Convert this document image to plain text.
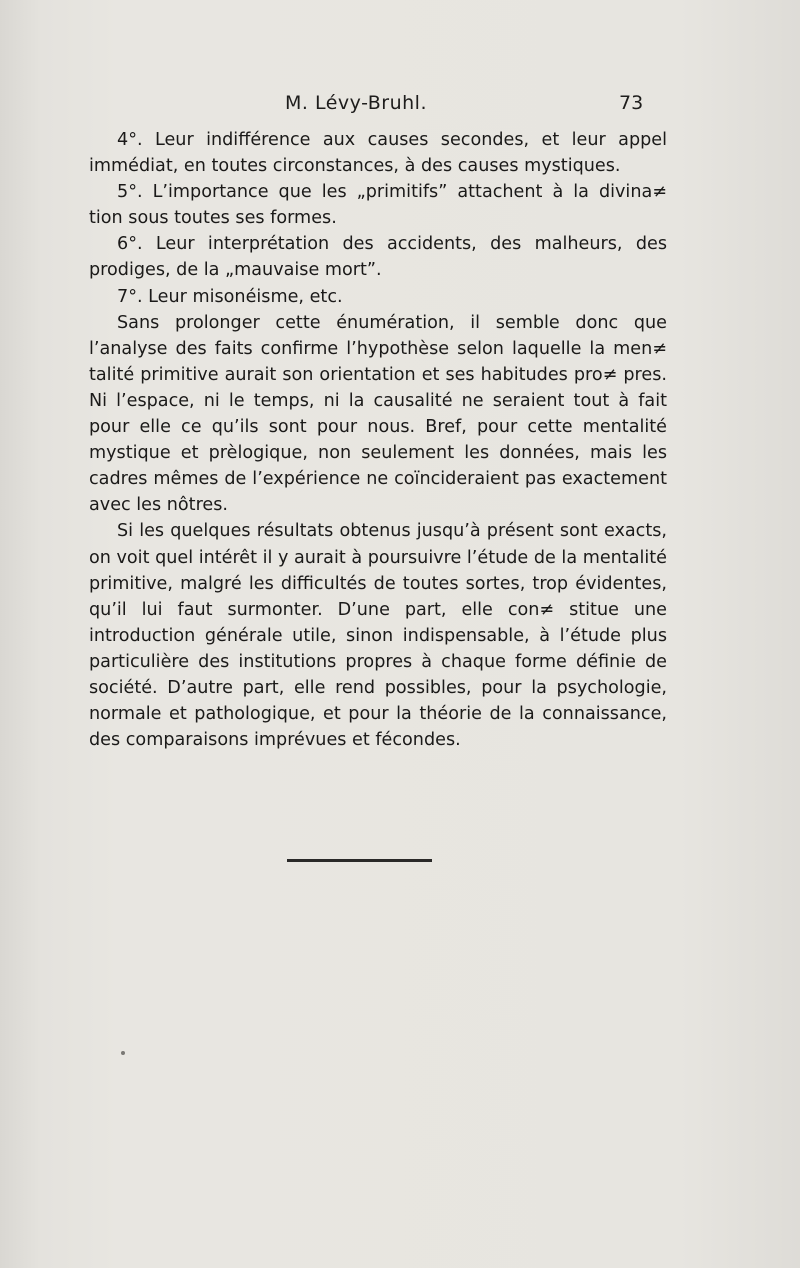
M. Lévy-Bruhl.	73

4°. Leur indifférence aux causes secondes, et leur appel immédiat, en toutes circonstances, à des causes mystiques.

5°. L’importance que les „primitifs” attachent à la divina≠ tion sous toutes ses formes.

6°. Leur interprétation des accidents, des malheurs, des prodiges, de la „mauvaise mort”.

7°. Leur misonéisme, etc.

Sans prolonger cette énumération, il semble donc que l’analyse des faits confirme l’hypothèse selon laquelle la men≠ talité primitive aurait son orientation et ses habitudes pro≠ pres. Ni l’espace, ni le temps, ni la causalité ne seraient tout à fait pour elle ce qu’ils sont pour nous. Bref, pour cette mentalité mystique et prèlogique, non seulement les données, mais les cadres mêmes de l’expérience ne coïncideraient pas exactement avec les nôtres.

Si les quelques résultats obtenus jusqu’à présent sont exacts, on voit quel intérêt il y aurait à poursuivre l’étude de la mentalité primitive, malgré les difficultés de toutes sortes, trop évidentes, qu’il lui faut surmonter. D’une part, elle con≠ stitue une introduction générale utile, sinon indispensable, à l’étude plus particulière des institutions propres à chaque forme définie de société. D’autre part, elle rend possibles, pour la psychologie, normale et pathologique, et pour la théorie de la connaissance, des comparaisons imprévues et fécondes.
